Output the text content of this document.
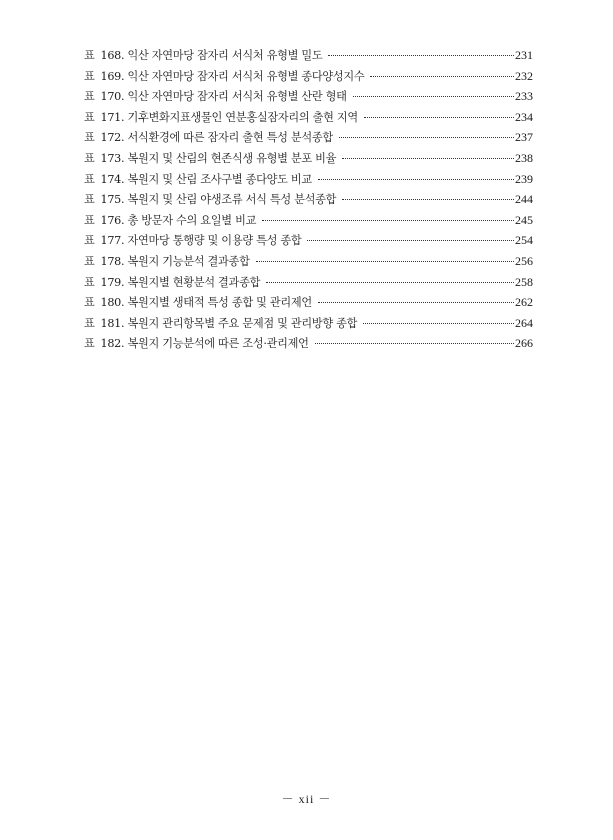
표 168. 익산 자연마당 잠자리 서식처 유형별 밀도	231
표 169. 익산 자연마당 잠자리 서식처 유형별 종다양성지수	232
표 170. 익산 자연마당 잠자리 서식처 유형별 산란 형태	233
표 171. 기후변화지표생물인 연분홍실잠자리의 출현 지역	234
표 172. 서식환경에 따른 잠자리 출현 특성 분석종합	237
표 173. 복원지 및 산림의 현존식생 유형별 분포 비율	238
표 174. 복원지 및 산림 조사구별 종다양도 비교	239
표 175. 복원지 및 산림 야생조류 서식 특성 분석종합	244
표 176. 총 방문자 수의 요일별 비교	245
표 177. 자연마당 통행량 및 이용량 특성 종합	254
표 178. 복원지 기능분석 결과종합	256
표 179. 복원지별 현황분석 결과종합	258
표 180. 복원지별 생태적 특성 종합 및 관리제언	262
표 181. 복원지 관리항목별 주요 문제점 및 관리방향 종합	264
표 182. 복원지 기능분석에 따른 조성·관리제언	266
－ xii －
